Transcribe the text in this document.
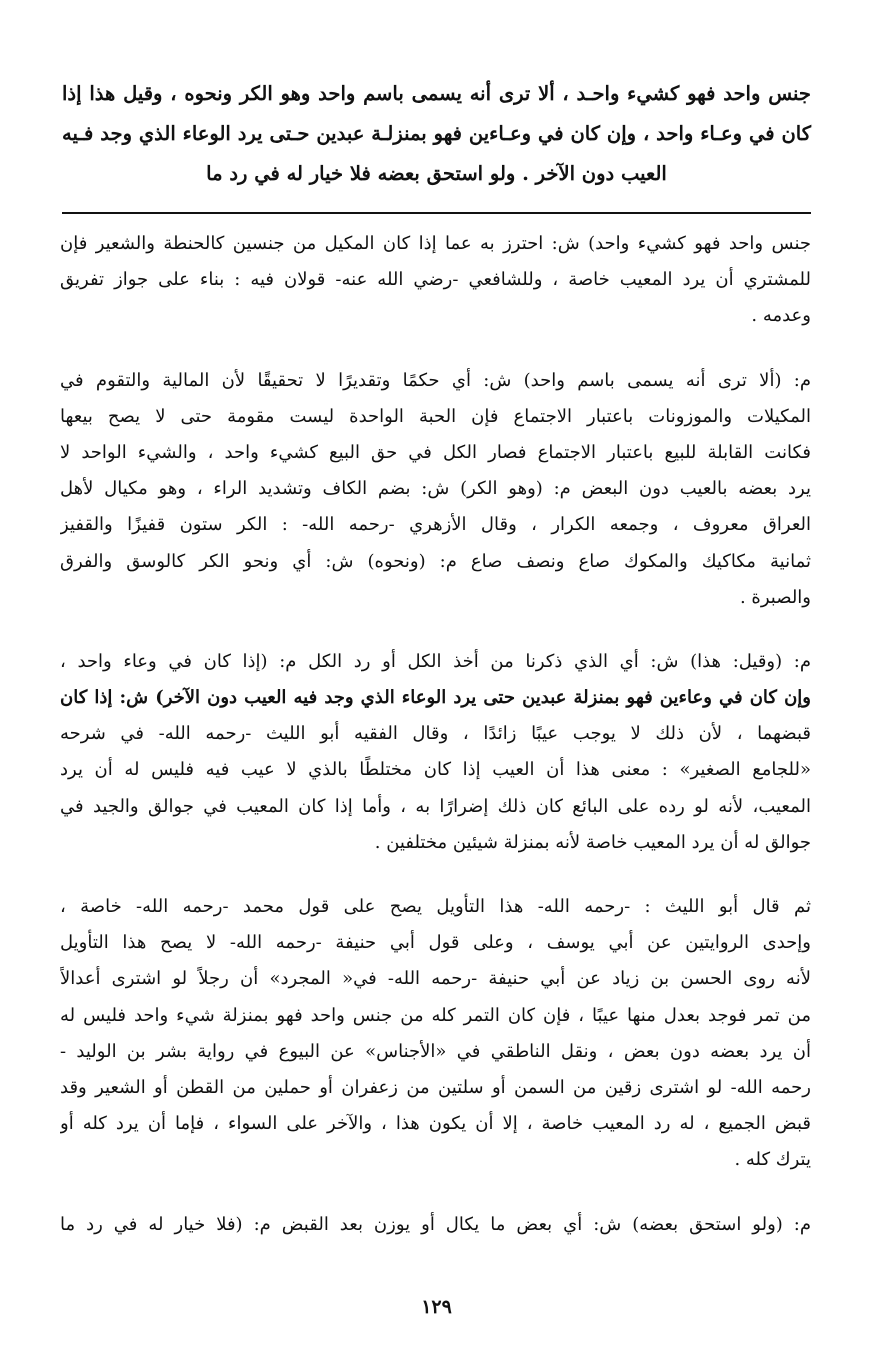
جنس واحد فهو كشيء واحـد ، ألا ترى أنه يسمى باسم واحد وهو الكر ونحوه ، وقيل هذا إذا
كان في وعـاء واحد ، وإن كان في وعـاءين فهو بمنزلـة عبدين حـتى يرد الوعاء الذي وجد فـيه
العيب دون الآخر . ولو استحق بعضه فلا خيار له في رد ما
جنس واحد فهو كشيء واحد) ش: احترز به عما إذا كان المكيل من جنسين كالحنطة والشعير فإن
للمشتري أن يرد المعيب خاصة ، وللشافعي -رضي الله عنه- قولان فيه : بناء على جواز تفريق
وعدمه .
م: (ألا ترى أنه يسمى باسم واحد) ش: أي حكمًا وتقديرًا لا تحقيقًا لأن المالية والتقوم في
المكيلات والموزونات باعتبار الاجتماع فإن الحبة الواحدة ليست مقومة حتى لا يصح بيعها
فكانت القابلة للبيع باعتبار الاجتماع فصار الكل في حق البيع كشيء واحد ، والشيء الواحد لا
يرد بعضه بالعيب دون البعض م: (وهو الكر) ش: بضم الكاف وتشديد الراء ، وهو مكيال لأهل
العراق معروف ، وجمعه الكرار ، وقال الأزهري -رحمه الله- : الكر ستون قفيزًا والقفيز
ثمانية مكاكيك والمكوك صاع ونصف صاع م: (ونحوه) ش: أي ونحو الكر كالوسق والفرق
والصبرة .
م: (وقيل: هذا) ش: أي الذي ذكرنا من أخذ الكل أو رد الكل م: (إذا كان في وعاء واحد ،
وإن كان في وعاءين فهو بمنزلة عبدين حتى يرد الوعاء الذي وجد فيه العيب دون الآخر) ش: إذا كان
قبضهما ، لأن ذلك لا يوجب عيبًا زائدًا ، وقال الفقيه أبو الليث -رحمه الله- في شرحه
«للجامع الصغير» : معنى هذا أن العيب إذا كان مختلطًا بالذي لا عيب فيه فليس له أن يرد
المعيب، لأنه لو رده على البائع كان ذلك إضرارًا به ، وأما إذا كان المعيب في جوالق والجيد في
جوالق له أن يرد المعيب خاصة لأنه بمنزلة شيئين مختلفين .
ثم قال أبو الليث : -رحمه الله- هذا التأويل يصح على قول محمد -رحمه الله- خاصة ،
وإحدى الروايتين عن أبي يوسف ، وعلى قول أبي حنيفة -رحمه الله- لا يصح هذا التأويل
لأنه روى الحسن بن زياد عن أبي حنيفة -رحمه الله- في« المجرد» أن رجلاً لو اشترى أعدالاً
من تمر فوجد بعدل منها عيبًا ، فإن كان التمر كله من جنس واحد فهو بمنزلة شيء واحد فليس له
أن يرد بعضه دون بعض ، ونقل الناطقي في «الأجناس» عن البيوع في رواية بشر بن الوليد -
رحمه الله- لو اشترى زقين من السمن أو سلتين من زعفران أو حملين من القطن أو الشعير وقد
قبض الجميع ، له رد المعيب خاصة ، إلا أن يكون هذا ، والآخر على السواء ، فإما أن يرد كله أو
يترك كله .
م: (ولو استحق بعضه) ش: أي بعض ما يكال أو يوزن بعد القبض م: (فلا خيار له في رد ما
١٢٩
